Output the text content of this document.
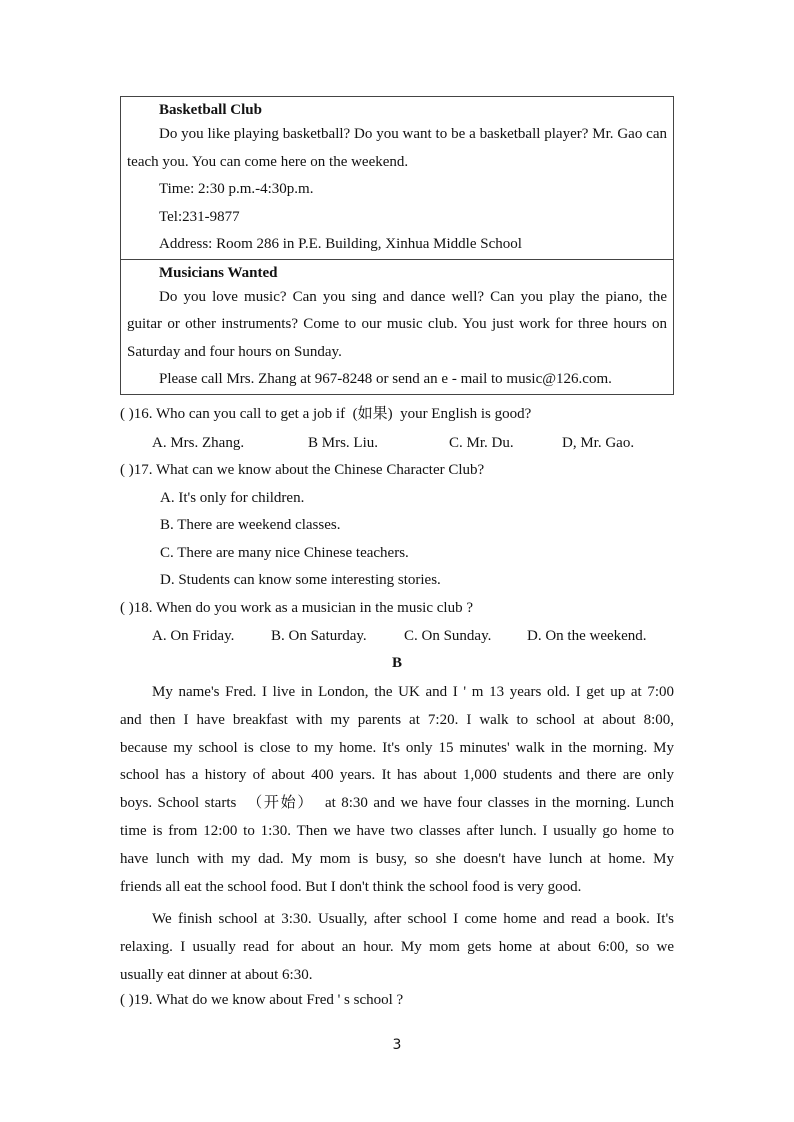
Basketball Club

Do you like playing basketball? Do you want to be a basketball player? Mr. Gao can teach you. You can come here on the weekend.

Time: 2:30 p.m.-4:30p.m.

Tel:231-9877

Address: Room 286 in P.E. Building, Xinhua Middle School

Musicians Wanted

Do you love music? Can you sing and dance well? Can you play the piano, the guitar or other instruments? Come to our music club. You just work for three hours on Saturday and four hours on Sunday.

Please call Mrs. Zhang at 967-8248 or send an e - mail to music@126.com.

( )16. Who can you call to get a job if  (如果)  your English is good?
A. Mrs. Zhang.	B Mrs. Liu.	C. Mr. Du.	D, Mr. Gao.
( )17. What can we know about the Chinese Character Club?
A. It's only for children.
B. There are weekend classes.
C. There are many nice Chinese teachers.
D. Students can know some interesting stories.
( )18. When do you work as a musician in the music club ?
A. On Friday. B. On Saturday. C. On Sunday. D. On the weekend.
B
My name's Fred. I live in London, the UK and I ' m 13 years old. I get up at 7:00
and then I have breakfast with my parents at 7:20. I walk to school at about 8:00,
because my school is close to my home. It's only 15 minutes' walk in the morning. My
school has a history of about 400 years. It has about 1,000 students and there are only
boys. School starts  （开始）  at 8:30 and we have four classes in the morning. Lunch
time is from 12:00 to 1:30. Then we have two classes after lunch. I usually go home to
have lunch with my dad. My mom is busy, so she doesn't have lunch at home. My
friends all eat the school food. But I don't think the school food is very good.
We finish school at 3:30. Usually, after school I come home and read a book. It's
relaxing. I usually read for about an hour. My mom gets home at about 6:00, so we
usually eat dinner at about 6:30.
( )19. What do we know about Fred ' s school ?
3
